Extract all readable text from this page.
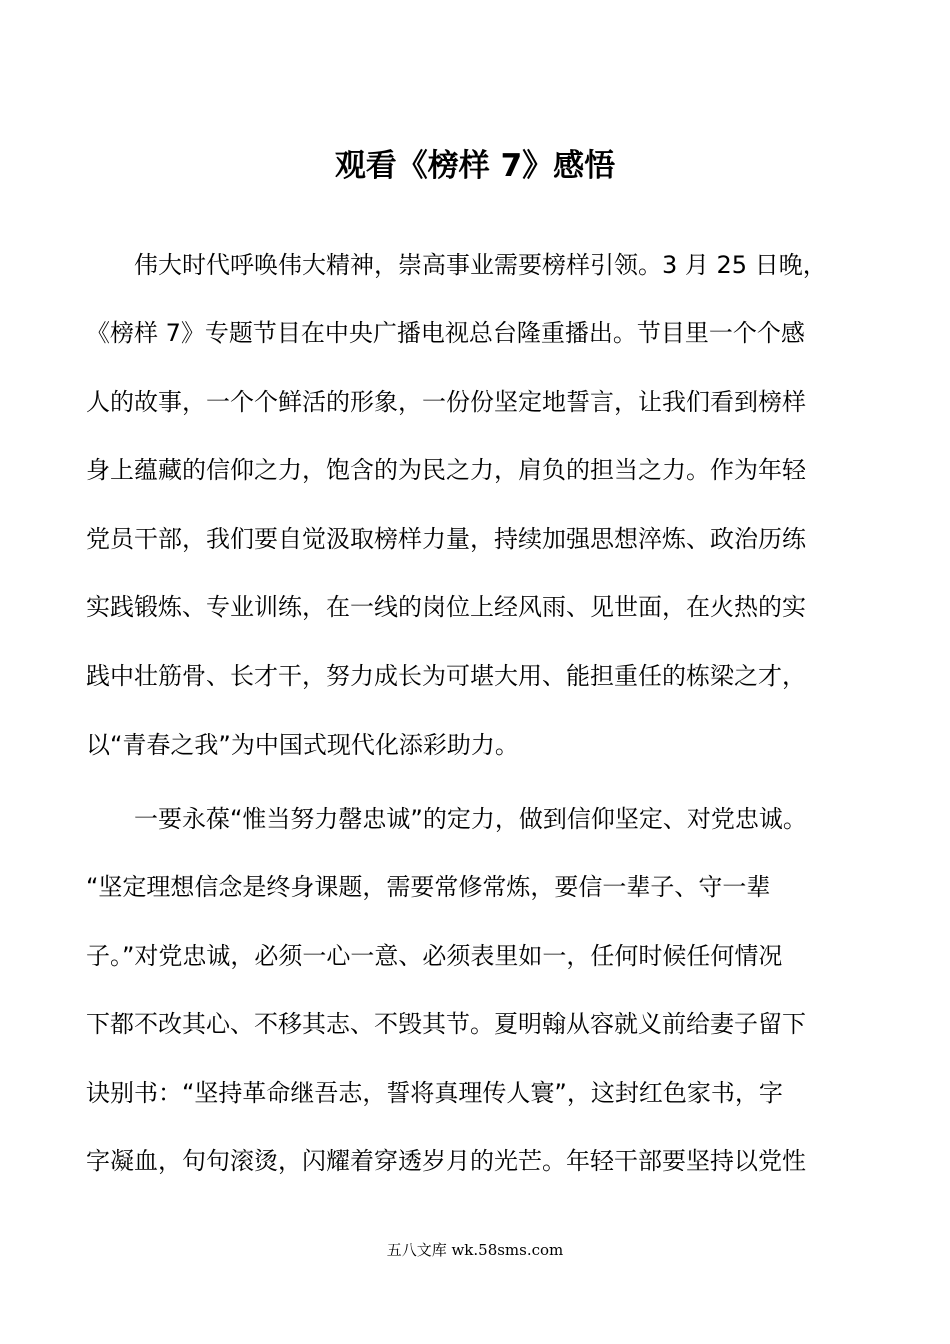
观看《榜样 7》感悟

　　伟大时代呼唤伟大精神，崇高事业需要榜样引领。3 月 25 日晚，

《榜样 7》专题节目在中央广播电视总台隆重播出。节目里一个个感

人的故事，一个个鲜活的形象，一份份坚定地誓言，让我们看到榜样

身上蕴藏的信仰之力，饱含的为民之力，肩负的担当之力。作为年轻

党员干部，我们要自觉汲取榜样力量，持续加强思想淬炼、政治历练

实践锻炼、专业训练，在一线的岗位上经风雨、见世面，在火热的实

践中壮筋骨、长才干，努力成长为可堪大用、能担重任的栋梁之才，

以“青春之我”为中国式现代化添彩助力。

　　一要永葆“惟当努力罄忠诚”的定力，做到信仰坚定、对党忠诚。

“坚定理想信念是终身课题，需要常修常炼，要信一辈子、守一辈

子。”对党忠诚，必须一心一意、必须表里如一，任何时候任何情况

下都不改其心、不移其志、不毁其节。夏明翰从容就义前给妻子留下

诀别书：“坚持革命继吾志，誓将真理传人寰”，这封红色家书，字

字凝血，句句滚烫，闪耀着穿透岁月的光芒。年轻干部要坚持以党性

五八文库 wk.58sms.com
